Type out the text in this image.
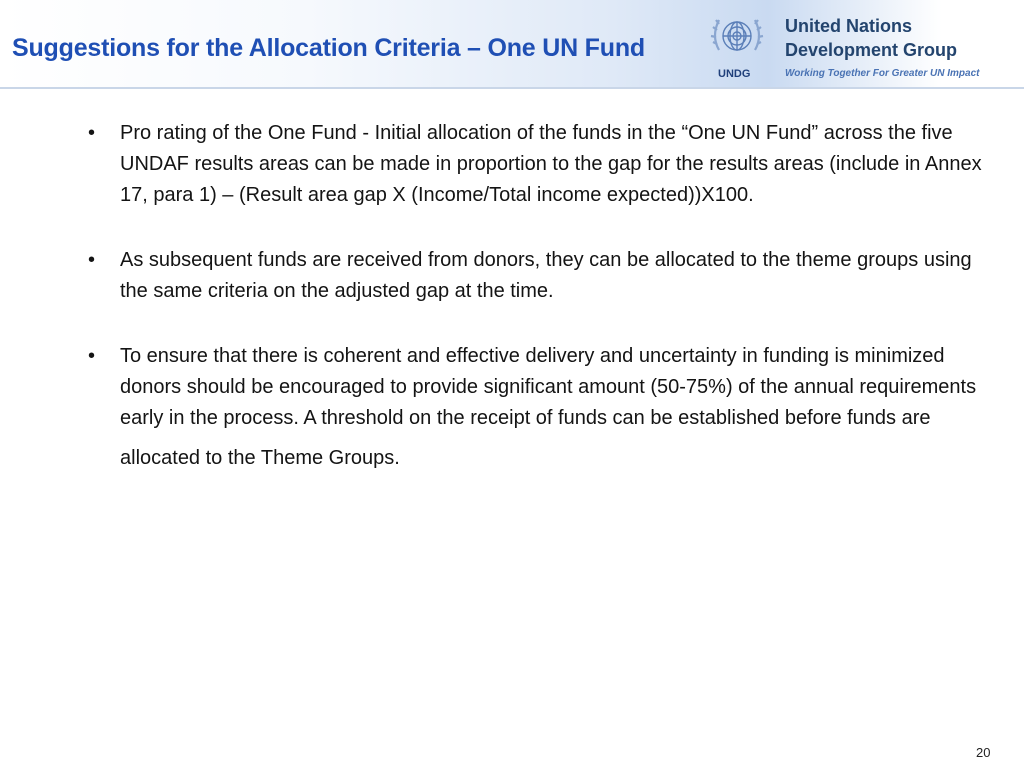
Suggestions for the Allocation Criteria – One UN Fund
UNDG
United Nations
Development Group
Working Together For Greater UN Impact
• Pro rating of the One Fund - Initial allocation of the funds in the “One UN Fund” across the five UNDAF results areas can be made in proportion to the gap for the results areas (include in Annex 17, para 1) – (Result area gap X (Income/Total income expected))X100.
• As subsequent funds are received from donors, they can be allocated to the theme groups using the same criteria on the adjusted gap at the time.
• To ensure that there is coherent and effective delivery and uncertainty in funding is minimized donors should be encouraged to provide significant amount (50-75%) of the annual requirements early in the process. A threshold on the receipt of funds can be established before funds are
allocated to the Theme Groups.
20
